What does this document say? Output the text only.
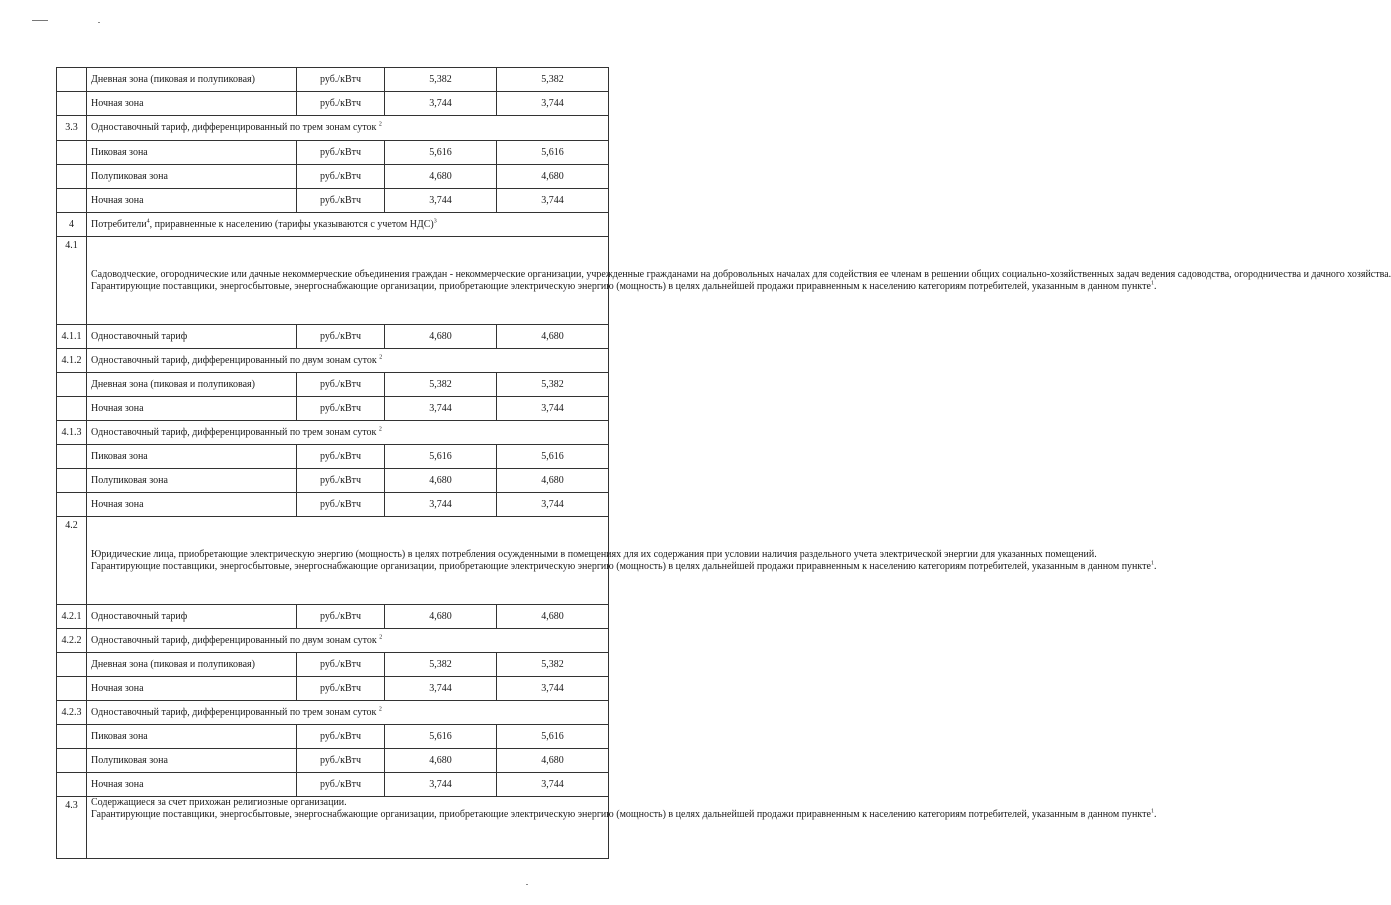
	Дневная зона (пиковая и полупиковая)	руб./кВтч	5,382	5,382
	Ночная зона	руб./кВтч	3,744	3,744
3.3	Одноставочный тариф, дифференцированный по трем зонам суток $^2$
	Пиковая зона	руб./кВтч	5,616	5,616
	Полупиковая зона	руб./кВтч	4,680	4,680
	Ночная зона	руб./кВтч	3,744	3,744
4	Потребители$^4$, приравненные к населению (тарифы указываются с учетом НДС)$^3$
4.1	Садоводческие, огороднические или дачные некоммерческие объединения граждан - некоммерческие организации, учрежденные гражданами на добровольных началах для содействия ее членам в решении общих социально-хозяйственных задач ведения садоводства, огородничества и дачного хозяйства.
Гарантирующие поставщики, энергосбытовые, энергоснабжающие организации, приобретающие электрическую энергию (мощность) в целях дальнейшей продажи приравненным к населению категориям потребителей, указанным в данном пункте$^1$.			

4.1.1	Одноставочный тариф	руб./кВтч	4,680	4,680
4.1.2	Одноставочный тариф, дифференцированный по двум зонам суток $^2$
	Дневная зона (пиковая и полупиковая)	руб./кВтч	5,382	5,382
	Ночная зона	руб./кВтч	3,744	3,744
4.1.3	Одноставочный тариф, дифференцированный по трем зонам суток $^2$
	Пиковая зона	руб./кВтч	5,616	5,616
	Полупиковая зона	руб./кВтч	4,680	4,680
	Ночная зона	руб./кВтч	3,744	3,744
4.2	Юридические лица, приобретающие электрическую энергию (мощность) в целях потребления осужденными в помещениях для их содержания при условии наличия раздельного учета электрической энергии для указанных помещений.
Гарантирующие поставщики, энергосбытовые, энергоснабжающие организации, приобретающие электрическую энергию (мощность) в целях дальнейшей продажи приравненным к населению категориям потребителей, указанным в данном пункте$^1$.			

4.2.1	Одноставочный тариф	руб./кВтч	4,680	4,680
4.2.2	Одноставочный тариф, дифференцированный по двум зонам суток $^2$
	Дневная зона (пиковая и полупиковая)	руб./кВтч	5,382	5,382
	Ночная зона	руб./кВтч	3,744	3,744
4.2.3	Одноставочный тариф, дифференцированный по трем зонам суток $^2$
	Пиковая зона	руб./кВтч	5,616	5,616
	Полупиковая зона	руб./кВтч	4,680	4,680
	Ночная зона	руб./кВтч	3,744	3,744
4.3	Содержащиеся за счет прихожан религиозные организации.
Гарантирующие поставщики, энергосбытовые, энергоснабжающие организации, приобретающие электрическую энергию (мощность) в целях дальнейшей продажи приравненным к населению категориям потребителей, указанным в данном пункте$^1$.			
